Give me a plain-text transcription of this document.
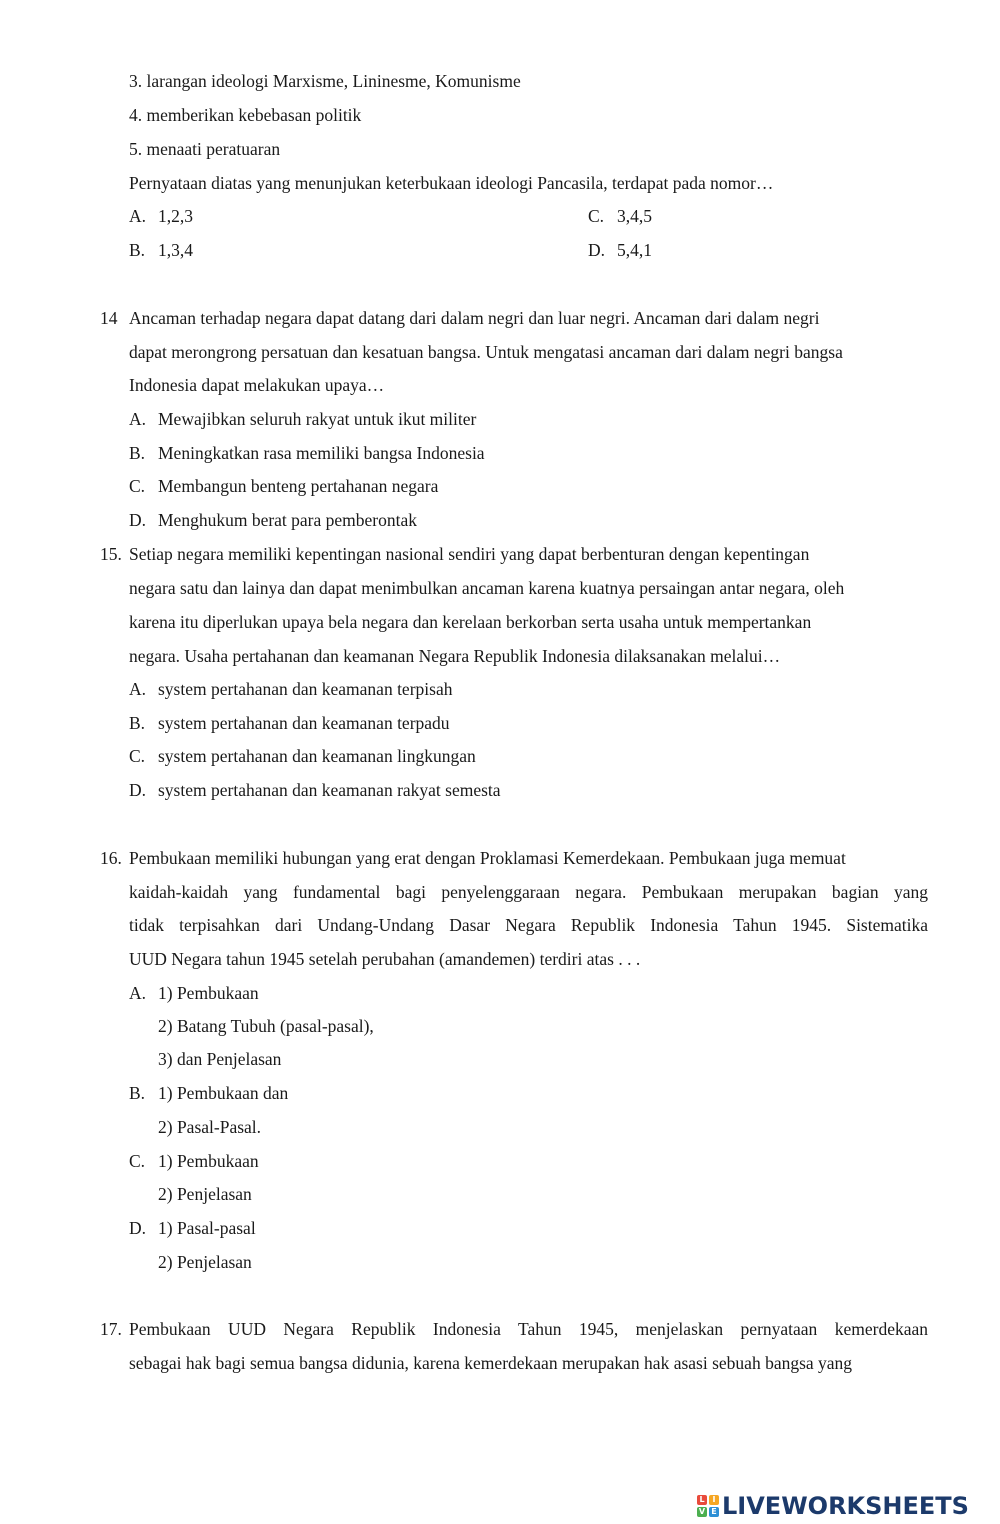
3. larangan ideologi Marxisme, Lininesme, Komunisme
4. memberikan kebebasan politik
5. menaati peratuaran
Pernyataan diatas yang menunjukan keterbukaan ideologi Pancasila, terdapat pada nomor…
A. 1,2,3	C. 3,4,5
B. 1,3,4	D. 5,4,1
14 Ancaman terhadap negara dapat datang dari dalam negri dan luar negri. Ancaman dari dalam negri
dapat merongrong persatuan dan kesatuan bangsa. Untuk mengatasi ancaman dari dalam negri bangsa
Indonesia dapat melakukan upaya…
A. Mewajibkan seluruh rakyat untuk ikut militer
B. Meningkatkan rasa memiliki bangsa Indonesia
C. Membangun benteng pertahanan negara
D. Menghukum berat para pemberontak
15. Setiap negara memiliki kepentingan nasional sendiri yang dapat berbenturan dengan kepentingan
negara satu dan lainya dan dapat menimbulkan ancaman karena kuatnya persaingan antar negara, oleh
karena itu diperlukan upaya bela negara dan kerelaan berkorban serta usaha untuk mempertankan
negara. Usaha pertahanan dan keamanan Negara Republik Indonesia dilaksanakan melalui…
A. system pertahanan dan keamanan terpisah
B. system pertahanan dan keamanan terpadu
C. system pertahanan dan keamanan lingkungan
D. system pertahanan dan keamanan rakyat semesta
16. Pembukaan memiliki hubungan yang erat dengan Proklamasi Kemerdekaan. Pembukaan juga memuat
kaidah-kaidah yang fundamental bagi penyelenggaraan negara. Pembukaan merupakan bagian yang
tidak terpisahkan dari Undang-Undang Dasar Negara Republik Indonesia Tahun 1945. Sistematika
UUD Negara tahun 1945 setelah perubahan (amandemen) terdiri atas . . .
A. 1) Pembukaan
2) Batang Tubuh (pasal-pasal),
3) dan Penjelasan
B. 1) Pembukaan dan
2) Pasal-Pasal.
C. 1) Pembukaan
2) Penjelasan
D. 1) Pasal-pasal
2) Penjelasan
17. Pembukaan UUD Negara Republik Indonesia Tahun 1945, menjelaskan pernyataan kemerdekaan
sebagai hak bagi semua bangsa didunia, karena kemerdekaan merupakan hak asasi sebuah bangsa yang
L I
V E LIVEWORKSHEETS
